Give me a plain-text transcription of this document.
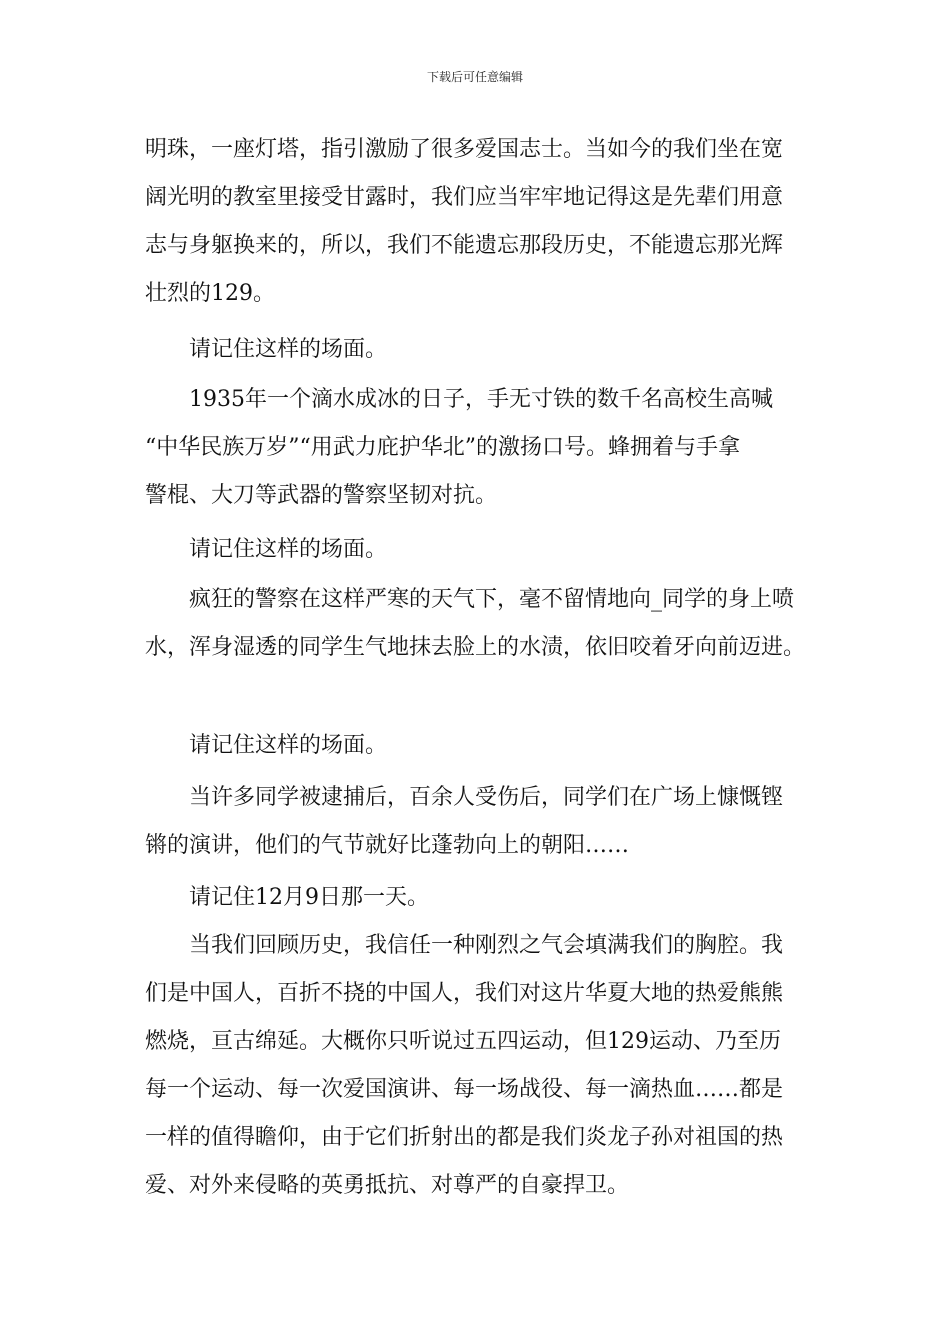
下载后可任意编辑
明珠，一座灯塔，指引激励了很多爱国志士。当如今的我们坐在宽
阔光明的教室里接受甘露时，我们应当牢牢地记得这是先辈们用意
志与身躯换来的，所以，我们不能遗忘那段历史，不能遗忘那光辉
壮烈的129。
请记住这样的场面。
1935年一个滴水成冰的日子，手无寸铁的数千名高校生高喊
“中华民族万岁”“用武力庇护华北”的激扬口号。蜂拥着与手拿
警棍、大刀等武器的警察坚韧对抗。
请记住这样的场面。
疯狂的警察在这样严寒的天气下，毫不留情地向_同学的身上喷
水，浑身湿透的同学生气地抹去脸上的水渍，依旧咬着牙向前迈进。
请记住这样的场面。
当许多同学被逮捕后，百余人受伤后，同学们在广场上慷慨铿
锵的演讲，他们的气节就好比蓬勃向上的朝阳……
请记住12月9日那一天。
当我们回顾历史，我信任一种刚烈之气会填满我们的胸腔。我
们是中国人，百折不挠的中国人，我们对这片华夏大地的热爱熊熊
燃烧，亘古绵延。大概你只听说过五四运动，但129运动、乃至历
每一个运动、每一次爱国演讲、每一场战役、每一滴热血……都是
一样的值得瞻仰，由于它们折射出的都是我们炎龙子孙对祖国的热
爱、对外来侵略的英勇抵抗、对尊严的自豪捍卫。
